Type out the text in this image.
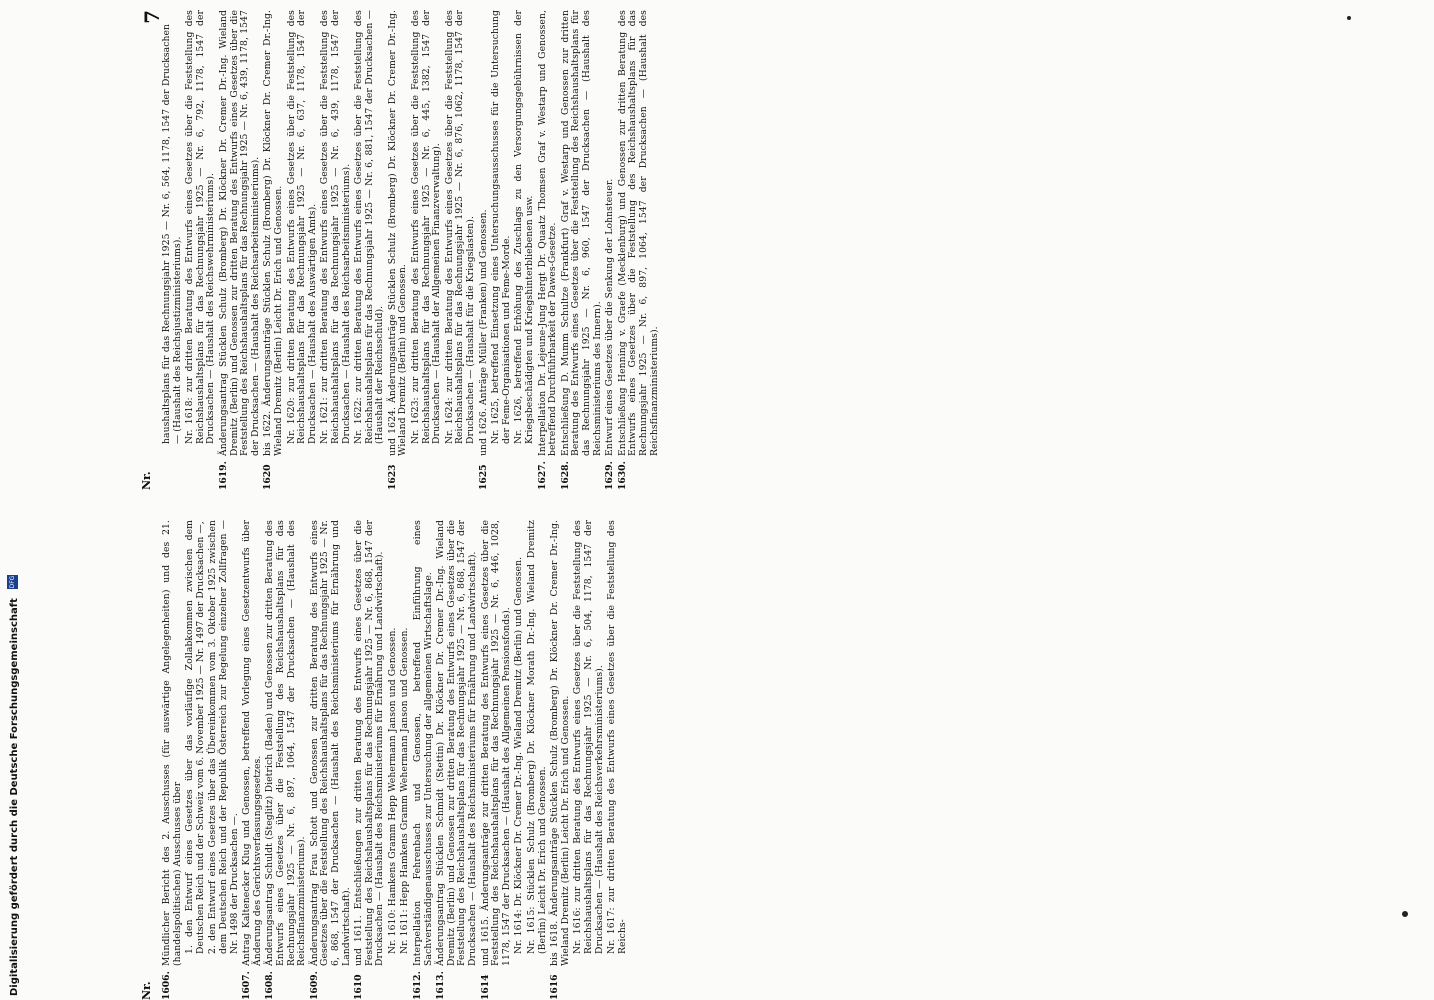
Nr. 1606.
Mündlicher Bericht des 2. Ausschusses (für auswärtige Angelegenheiten) und des 21. (handelspolitischen) Ausschusses über 1. den Entwurf eines Gesetzes über das vorläufige Zollabkommen zwischen dem Deutschen Reich und der Schweiz vom 6. November 1925 — Nr. 1497 der Drucksachen —, 2. den Entwurf eines Gesetzes über das Übereinkommen vom 3. Oktober 1925 zwischen dem Deutschen Reich und der Republik Österreich zur Regelung einzelner Zollfragen — Nr. 1498 der Drucksachen —.
1607.
Antrag Kaltenecker Klug und Genossen, betreffend Vorlegung eines Gesetzentwurfs über Änderung des Gerichtsverfassungsgesetzes.
1608.
Änderungsantrag Schuldt (Steglitz) Dietrich (Baden) und Genossen zur dritten Beratung des Entwurfs eines Gesetzes über die Feststellung des Reichshaushaltsplans für das Rechnungsjahr 1925 — Nr. 6, 897, 1064, 1547 der Drucksachen — (Haushalt des Reichsfinanzministeriums).
1609.
Änderungsantrag Frau Schott und Genossen zur dritten Beratung des Entwurfs eines Gesetzes über die Feststellung des Reichshaushaltsplans für das Rechnungsjahr 1925 — Nr. 6, 868, 1547 der Drucksachen — (Haushalt des Reichsministeriums für Ernährung und Landwirtschaft).
1610
und 1611. Entschließungen zur dritten Beratung des Entwurfs eines Gesetzes über die Feststellung des Reichshaushaltsplans für das Rechnungsjahr 1925 — Nr. 6, 868, 1547 der Drucksachen — (Haushalt des Reichsministeriums für Ernährung und Landwirtschaft). Nr. 1610: Hamkens Gramm Hepp Wehermann Janson und Genossen. Nr. 1611: Hepp Hamkens Gramm Wehermann Janson und Genossen.
1612.
Interpellation Fehrenbach und Genossen, betreffend Einführung eines Sachverständigenausschusses zur Untersuchung der allgemeinen Wirtschaftslage.
1613.
Änderungsantrag Stücklen Schmidt (Stettin) Dr. Klöckner Dr. Cremer Dr.-Ing. Wieland Dremitz (Berlin) und Genossen zur dritten Beratung des Entwurfs eines Gesetzes über die Feststellung des Reichshaushaltsplans für das Rechnungsjahr 1925 — Nr. 6, 868, 1547 der Drucksachen — (Haushalt des Reichsministeriums für Ernährung und Landwirtschaft).
1614
und 1615. Änderungsanträge zur dritten Beratung des Entwurfs eines Gesetzes über die Feststellung des Reichshaushaltsplans für das Rechnungsjahr 1925 — Nr. 6, 446, 1028, 1178, 1547 der Drucksachen — (Haushalt des Allgemeinen Pensionsfonds). Nr. 1614: Dr. Klöckner Dr. Cremer Dr.-Ing. Wieland Dremitz (Berlin) und Genossen. Nr. 1615: Stücklen Schulz (Bromberg) Dr. Klöckner Morath Dr.-Ing. Wieland Dremitz (Berlin) Leicht Dr. Erich und Genossen.
1616
bis 1618. Änderungsanträge Stücklen Schulz (Bromberg) Dr. Klöckner Dr. Cremer Dr.-Ing. Wieland Dremitz (Berlin) Leicht Dr. Erich und Genossen. Nr. 1616: zur dritten Beratung des Entwurfs eines Gesetzes über die Feststellung des Reichshaushaltsplans für das Rechnungsjahr 1925 — Nr. 6, 504, 1178, 1547 der Drucksachen — (Haushalt des Reichsverkehrsministeriums). Nr. 1617: zur dritten Beratung des Entwurfs eines Gesetzes über die Feststellung des Reichs-
Nr.
7
haushaltsplans für das Rechnungsjahr 1925 — Nr. 6, 564, 1178, 1547 der Drucksachen — (Haushalt des Reichsjustizministeriums). Nr. 1618: zur dritten Beratung des Entwurfs eines Gesetzes über die Feststellung des Reichshaushaltsplans für das Rechnungsjahr 1925 — Nr. 6, 792, 1178, 1547 der Drucksachen — (Haushalt des Reichswehrministeriums).
1619.
Änderungsantrag Stücklen Schulz (Bromberg) Dr. Klöckner Dr. Cremer Dr.-Ing. Wieland Dremitz (Berlin) und Genossen zur dritten Beratung des Entwurfs eines Gesetzes über die Feststellung des Reichshaushaltsplans für das Rechnungsjahr 1925 — Nr. 6, 439, 1178, 1547 der Drucksachen — (Haushalt des Reichsarbeitsministeriums).
1620
bis 1622. Änderungsanträge Stücklen Schulz (Bromberg) Dr. Klöckner Dr. Cremer Dr.-Ing. Wieland Dremitz (Berlin) Leicht Dr. Erich und Genossen. Nr. 1620: zur dritten Beratung des Entwurfs eines Gesetzes über die Feststellung des Reichshaushaltsplans für das Rechnungsjahr 1925 — Nr. 6, 637, 1178, 1547 der Drucksachen — (Haushalt des Auswärtigen Amts). Nr. 1621: zur dritten Beratung des Entwurfs eines Gesetzes über die Feststellung des Reichshaushaltsplans für das Rechnungsjahr 1925 — Nr. 6, 439, 1178, 1547 der Drucksachen — (Haushalt des Reichsarbeitsministeriums). Nr. 1622: zur dritten Beratung des Entwurfs eines Gesetzes über die Feststellung des Reichshaushaltsplans für das Rechnungsjahr 1925 — Nr. 6, 881, 1547 der Drucksachen — (Haushalt der Reichsschuld).
1623
und 1624. Änderungsanträge Stücklen Schulz (Bromberg) Dr. Klöckner Dr. Cremer Dr.-Ing. Wieland Dremitz (Berlin) und Genossen. Nr. 1623: zur dritten Beratung des Entwurfs eines Gesetzes über die Feststellung des Reichshaushaltsplans für das Rechnungsjahr 1925 — Nr. 6, 445, 1382, 1547 der Drucksachen — (Haushalt der Allgemeinen Finanzverwaltung). Nr. 1624: zur dritten Beratung des Entwurfs eines Gesetzes über die Feststellung des Reichshaushaltsplans für das Rechnungsjahr 1925 — Nr. 6, 876, 1062, 1178, 1547 der Drucksachen — (Haushalt für die Kriegslasten).
1625
und 1626. Anträge Müller (Franken) und Genossen. Nr. 1625, betreffend Einsetzung eines Untersuchungsausschusses für die Untersuchung der Feme-Organisationen und Feme-Morde. Nr. 1626, betreffend Erhöhung des Zuschlags zu den Versorgungsgebührnissen der Kriegsbeschädigten und Kriegshinterbliebenen usw.
1627.
Interpellation Dr. Lejeune-Jung Hergt Dr. Quaatz Thomsen Graf v. Westarp und Genossen, betreffend Durchführbarkeit der Dawes-Gesetze.
1628.
Entschließung D. Mumm Schultze (Frankfurt) Graf v. Westarp und Genossen zur dritten Beratung des Entwurfs eines Gesetzes über die Feststellung des Reichshaushaltsplans für das Rechnungsjahr 1925 — Nr. 6, 960, 1547 der Drucksachen — (Haushalt des Reichsministeriums des Innern).
1629.
Entwurf eines Gesetzes über die Senkung der Lohnsteuer.
1630.
Entschließung Henning v. Graefe (Mecklenburg) und Genossen zur dritten Beratung des Entwurfs eines Gesetzes über die Feststellung des Reichshaushaltsplans für das Rechnungsjahr 1925 — Nr. 6, 897, 1064, 1547 der Drucksachen — (Haushalt des Reichsfinanzministeriums).
Digitalisierung gefördert durch die Deutsche Forschungsgemeinschaft DFG
